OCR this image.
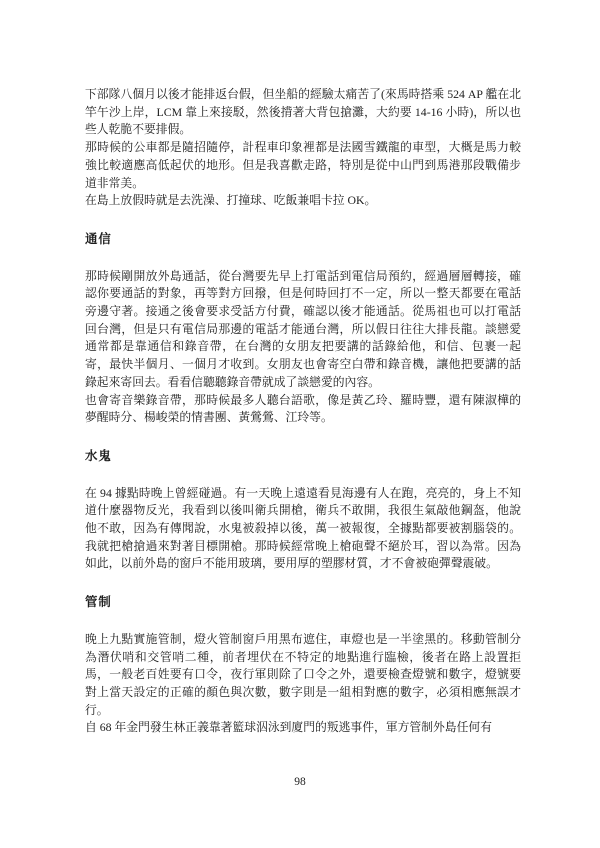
下部隊八個月以後才能排返台假，但坐船的經驗太痛苦了(來馬時搭乘 524 AP 艦在北竿午沙上岸，LCM 靠上來接駁，然後揹著大背包搶灘，大約要 14-16 小時)，所以也些人乾脆不要排假。

那時候的公車都是隨招隨停，計程車印象裡都是法國雪鐵龍的車型，大概是馬力較強比較適應高低起伏的地形。但是我喜歡走路，特別是從中山門到馬港那段戰備步道非常美。

在島上放假時就是去洗澡、打撞球、吃飯兼唱卡拉 OK。

通信

那時候剛開放外島通話，從台灣要先早上打電話到電信局預約，經過層層轉接，確認你要通話的對象，再等對方回撥，但是何時回打不一定，所以一整天都要在電話旁邊守著。接通之後會要求受話方付費，確認以後才能通話。從馬祖也可以打電話回台灣，但是只有電信局那邊的電話才能通台灣，所以假日往往大排長龍。談戀愛通常都是靠通信和錄音帶，在台灣的女朋友把要講的話錄給他，和信、包裹一起寄，最快半個月、一個月才收到。女朋友也會寄空白帶和錄音機，讓他把要講的話錄起來寄回去。看看信聽聽錄音帶就成了談戀愛的內容。

也會寄音樂錄音帶，那時候最多人聽台語歌，像是黃乙玲、羅時豐，還有陳淑樺的夢醒時分、楊峻榮的情書團、黃鶯鶯、江玲等。

水鬼

在 94 據點時晚上曾經碰過。有一天晚上遠遠看見海邊有人在跑，亮亮的，身上不知道什麼器物反光，我看到以後叫衛兵開槍，衛兵不敢開，我很生氣敲他鋼盔，他說他不敢，因為有傳聞說，水鬼被殺掉以後，萬一被報復，全據點都要被割腦袋的。我就把槍搶過來對著目標開槍。那時候經常晚上槍砲聲不絕於耳，習以為常。因為如此，以前外島的窗戶不能用玻璃，要用厚的塑膠材質，才不會被砲彈聲震破。

管制

晚上九點實施管制，燈火管制窗戶用黑布遮住，車燈也是一半塗黑的。移動管制分為潛伏哨和交管哨二種，前者埋伏在不特定的地點進行臨檢，後者在路上設置拒馬，一般老百姓要有口令，夜行軍則除了口令之外，還要檢查燈號和數字，燈號要對上當天設定的正確的顏色與次數，數字則是一組相對應的數字，必須相應無誤才行。

自 68 年金門發生林正義靠著籃球泅泳到廈門的叛逃事件，軍方管制外島任何有

98
